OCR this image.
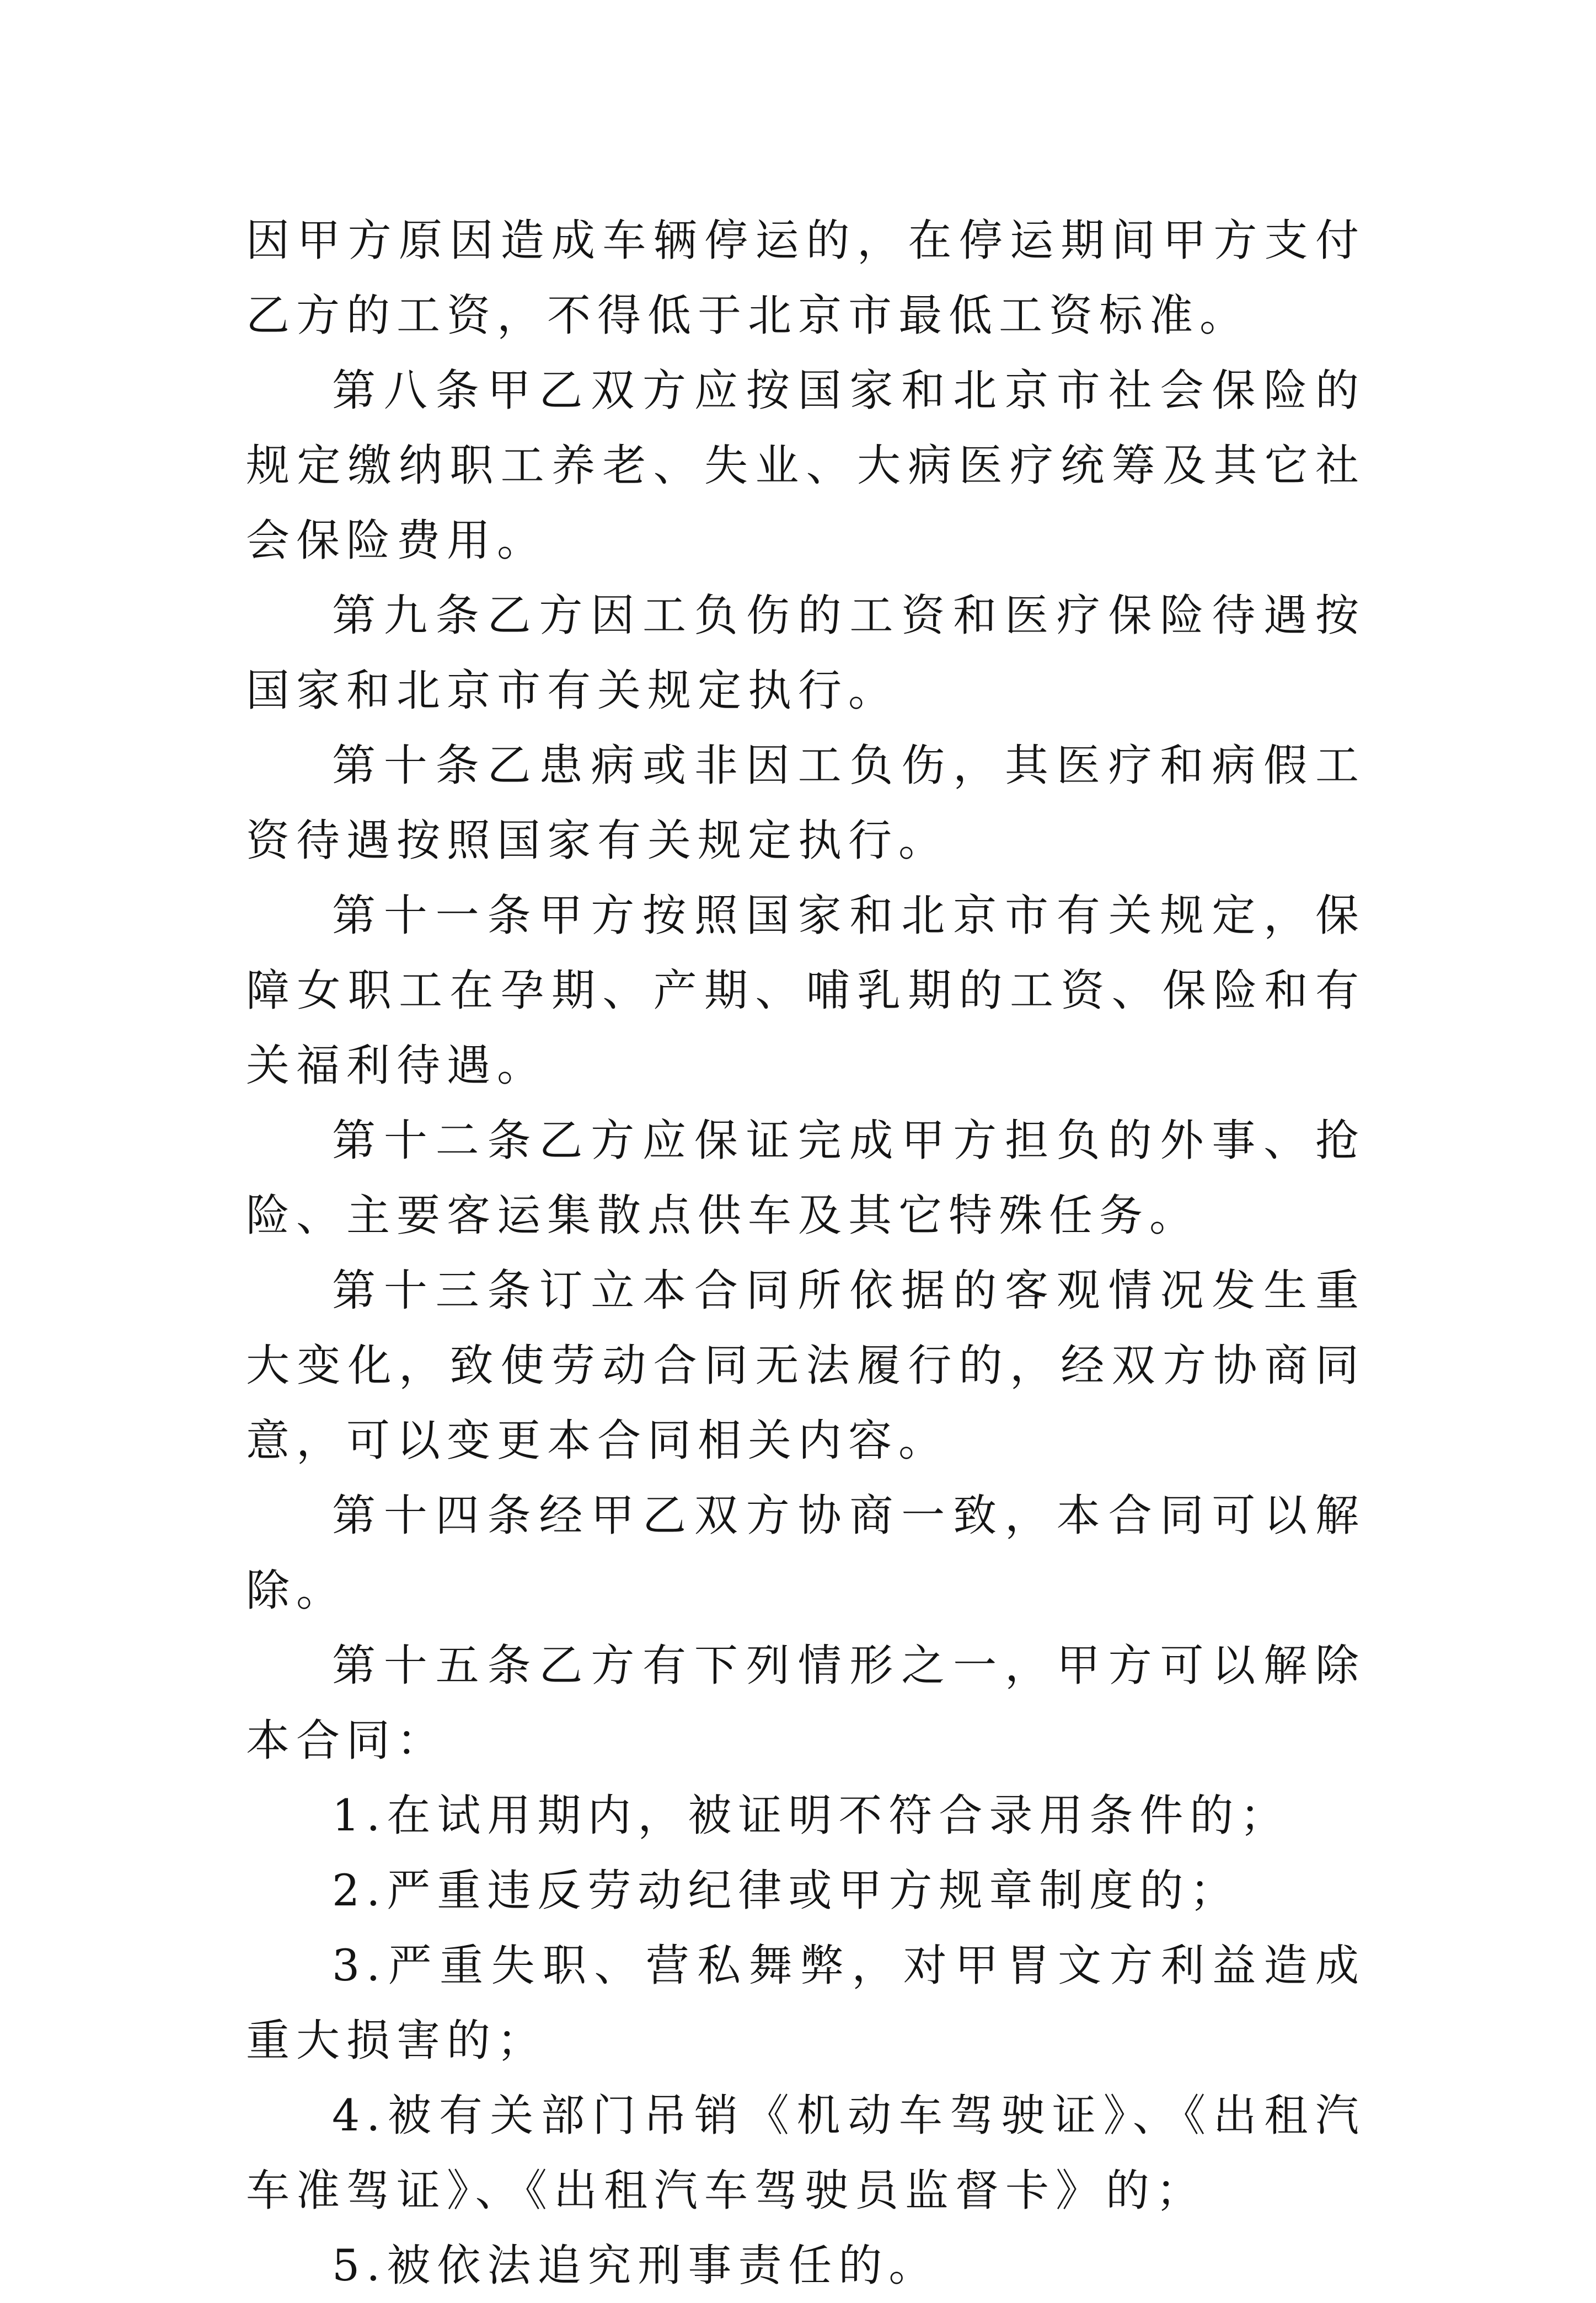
因甲方原因造成车辆停运的，在停运期间甲方支付乙方的工资，不得低于北京市最低工资标准。

第八条甲乙双方应按国家和北京市社会保险的规定缴纳职工养老、失业、大病医疗统筹及其它社会保险费用。

第九条乙方因工负伤的工资和医疗保险待遇按国家和北京市有关规定执行。

第十条乙患病或非因工负伤，其医疗和病假工资待遇按照国家有关规定执行。

第十一条甲方按照国家和北京市有关规定，保障女职工在孕期、产期、哺乳期的工资、保险和有关福利待遇。

第十二条乙方应保证完成甲方担负的外事、抢险、主要客运集散点供车及其它特殊任务。

第十三条订立本合同所依据的客观情况发生重大变化，致使劳动合同无法履行的，经双方协商同意，可以变更本合同相关内容。

第十四条经甲乙双方协商一致，本合同可以解除。

第十五条乙方有下列情形之一，甲方可以解除本合同：

1.在试用期内，被证明不符合录用条件的；

2.严重违反劳动纪律或甲方规章制度的；

3.严重失职、营私舞弊，对甲胃文方利益造成重大损害的；

4.被有关部门吊销《机动车驾驶证》、《出租汽车准驾证》、《出租汽车驾驶员监督卡》的；

5.被依法追究刑事责任的。
